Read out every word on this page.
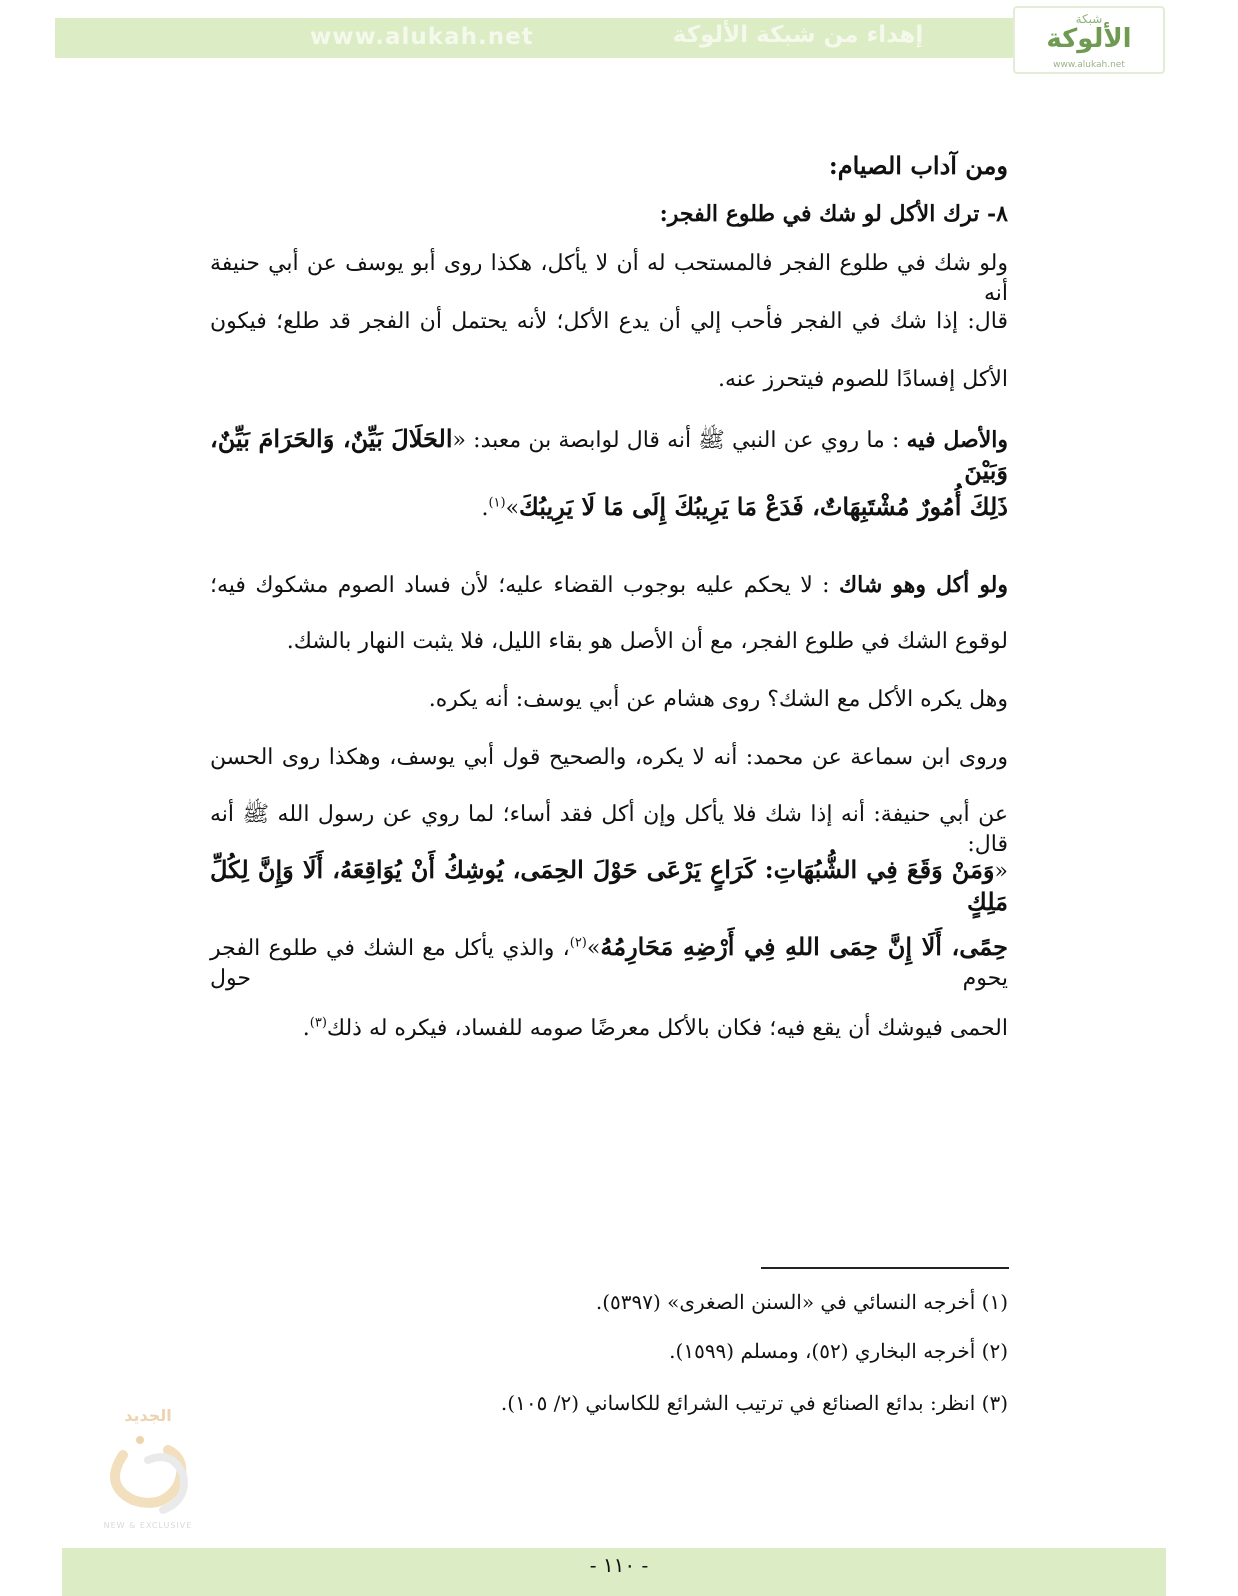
www.alukah.net	إهداء من شبكة الألوكة
شبكة
الألوكة
www.alukah.net
ومن آداب الصيام:
٨- ترك الأكل لو شك في طلوع الفجر:
ولو شك في طلوع الفجر فالمستحب له أن لا يأكل، هكذا روى أبو يوسف عن أبي حنيفة أنه
قال: إذا شك في الفجر فأحب إلي أن يدع الأكل؛ لأنه يحتمل أن الفجر قد طلع؛ فيكون
الأكل إفسادًا للصوم فيتحرز عنه.
والأصل فيه : ما روي عن النبي ﷺ أنه قال لوابصة بن معبد: «الحَلَالَ بَيِّنٌ، وَالحَرَامَ بَيِّنٌ، وَبَيْنَ
ذَلِكَ أُمُورٌ مُشْتَبِهَاتٌ، فَدَعْ مَا يَرِيبُكَ إِلَى مَا لَا يَرِيبُكَ»$^{(١)}$.
ولو أكل وهو شاك : لا يحكم عليه بوجوب القضاء عليه؛ لأن فساد الصوم مشكوك فيه؛
لوقوع الشك في طلوع الفجر، مع أن الأصل هو بقاء الليل، فلا يثبت النهار بالشك.
وهل يكره الأكل مع الشك؟ روى هشام عن أبي يوسف: أنه يكره.
وروى ابن سماعة عن محمد: أنه لا يكره، والصحيح قول أبي يوسف، وهكذا روى الحسن
عن أبي حنيفة: أنه إذا شك فلا يأكل وإن أكل فقد أساء؛ لما روي عن رسول الله ﷺ أنه قال:
«وَمَنْ وَقَعَ فِي الشُّبُهَاتِ: كَرَاعٍ يَرْعَى حَوْلَ الحِمَى، يُوشِكُ أَنْ يُوَاقِعَهُ، أَلَا وَإِنَّ لِكُلِّ مَلِكٍ
حِمًى، أَلَا إِنَّ حِمَى اللهِ فِي أَرْضِهِ مَحَارِمُهُ»$^{(٢)}$، والذي يأكل مع الشك في طلوع الفجر يحوم حول
الحمى فيوشك أن يقع فيه؛ فكان بالأكل معرضًا صومه للفساد، فيكره له ذلك$^{(٣)}$.
(١) أخرجه النسائي في «السنن الصغرى» (٥٣٩٧).
(٢) أخرجه البخاري (٥٢)، ومسلم (١٥٩٩).
(٣) انظر: بدائع الصنائع في ترتيب الشرائع للكاساني (٢/ ١٠٥).
الجديد
NEW & EXCLUSIVE
- ١١٠ -
